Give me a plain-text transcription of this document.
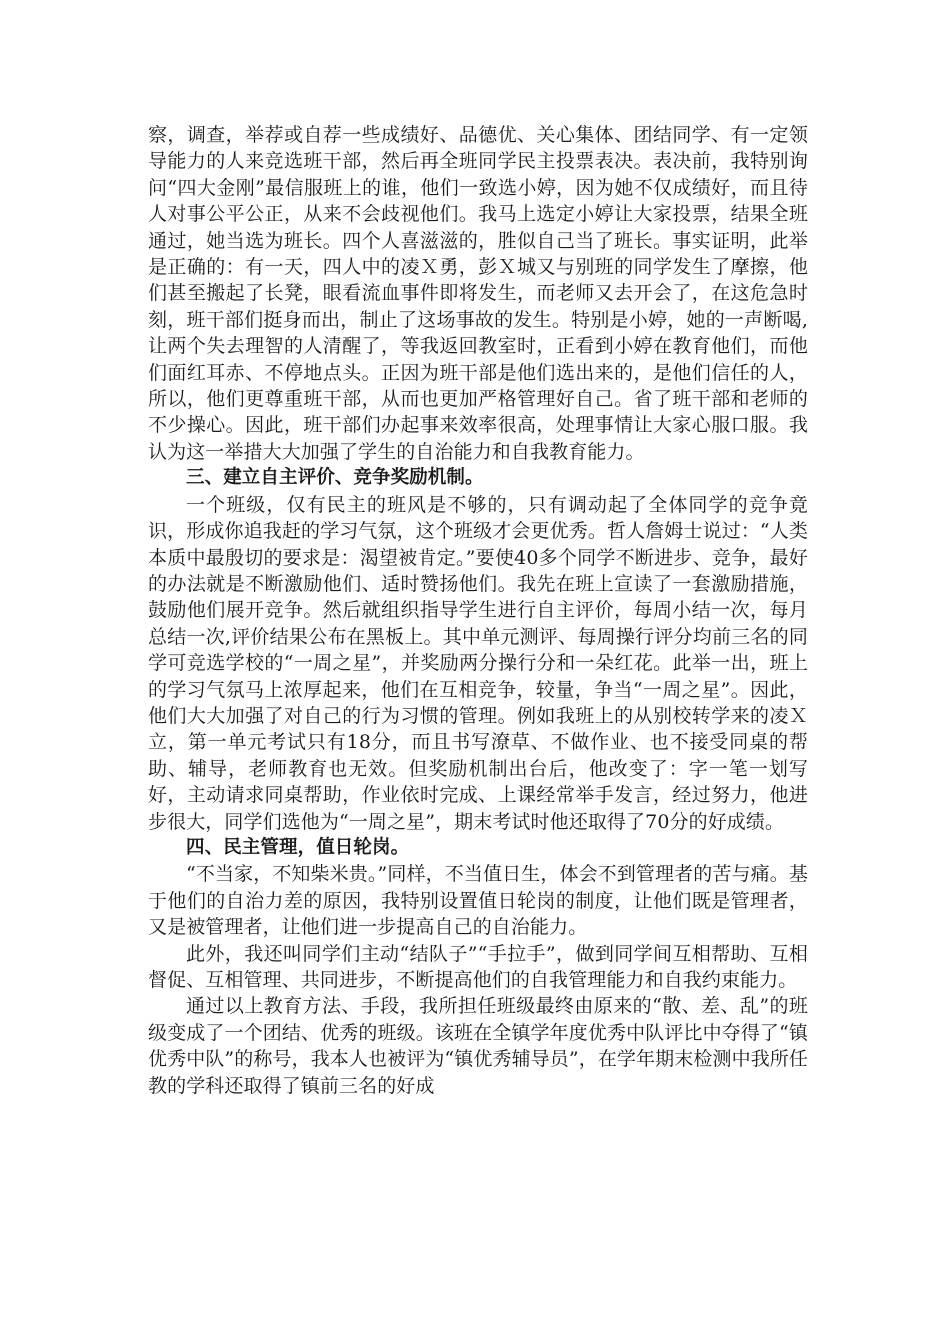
察，调查，举荐或自荐一些成绩好、品德优、关心集体、团结同学、有一定领导能力的人来竞选班干部，然后再全班同学民主投票表决。表决前，我特别询问“四大金刚”最信服班上的谁，他们一致选小婷，因为她不仅成绩好，而且待人对事公平公正，从来不会歧视他们。我马上选定小婷让大家投票，结果全班通过，她当选为班长。四个人喜滋滋的，胜似自己当了班长。事实证明，此举是正确的：有一天，四人中的凌Ｘ勇，彭Ｘ城又与别班的同学发生了摩擦，他们甚至搬起了长凳，眼看流血事件即将发生，而老师又去开会了，在这危急时刻，班干部们挺身而出，制止了这场事故的发生。特别是小婷，她的一声断喝,让两个失去理智的人清醒了，等我返回教室时，正看到小婷在教育他们，而他们面红耳赤、不停地点头。正因为班干部是他们选出来的，是他们信任的人，所以，他们更尊重班干部，从而也更加严格管理好自己。省了班干部和老师的不少操心。因此，班干部们办起事来效率很高，处理事情让大家心服口服。我认为这一举措大大加强了学生的自治能力和自我教育能力。

三、建立自主评价、竞争奖励机制。

一个班级，仅有民主的班风是不够的，只有调动起了全体同学的竞争竟识，形成你追我赶的学习气氛，这个班级才会更优秀。哲人詹姆士说过：“人类本质中最殷切的要求是：渴望被肯定。”要使40多个同学不断进步、竞争，最好的办法就是不断激励他们、适时赞扬他们。我先在班上宣读了一套激励措施，鼓励他们展开竞争。然后就组织指导学生进行自主评价，每周小结一次，每月总结一次,评价结果公布在黑板上。其中单元测评、每周操行评分均前三名的同学可竞选学校的“一周之星”，并奖励两分操行分和一朵红花。此举一出，班上的学习气氛马上浓厚起来，他们在互相竞争，较量，争当“一周之星”。因此，他们大大加强了对自己的行为习惯的管理。例如我班上的从别校转学来的凌Ｘ立，第一单元考试只有18分，而且书写潦草、不做作业、也不接受同桌的帮助、辅导，老师教育也无效。但奖励机制出台后，他改变了：字一笔一划写好，主动请求同桌帮助，作业依时完成、上课经常举手发言，经过努力，他进步很大，同学们选他为“一周之星”，期末考试时他还取得了70分的好成绩。

四、民主管理，值日轮岗。

“不当家，不知柴米贵。”同样，不当值日生，体会不到管理者的苦与痛。基于他们的自治力差的原因，我特别设置值日轮岗的制度，让他们既是管理者，又是被管理者，让他们进一步提高自己的自治能力。

此外，我还叫同学们主动“结队子”“手拉手”，做到同学间互相帮助、互相督促、互相管理、共同进步，不断提高他们的自我管理能力和自我约束能力。

通过以上教育方法、手段，我所担任班级最终由原来的“散、差、乱”的班级变成了一个团结、优秀的班级。该班在全镇学年度优秀中队评比中夺得了“镇优秀中队”的称号，我本人也被评为“镇优秀辅导员”，在学年期末检测中我所任教的学科还取得了镇前三名的好成
